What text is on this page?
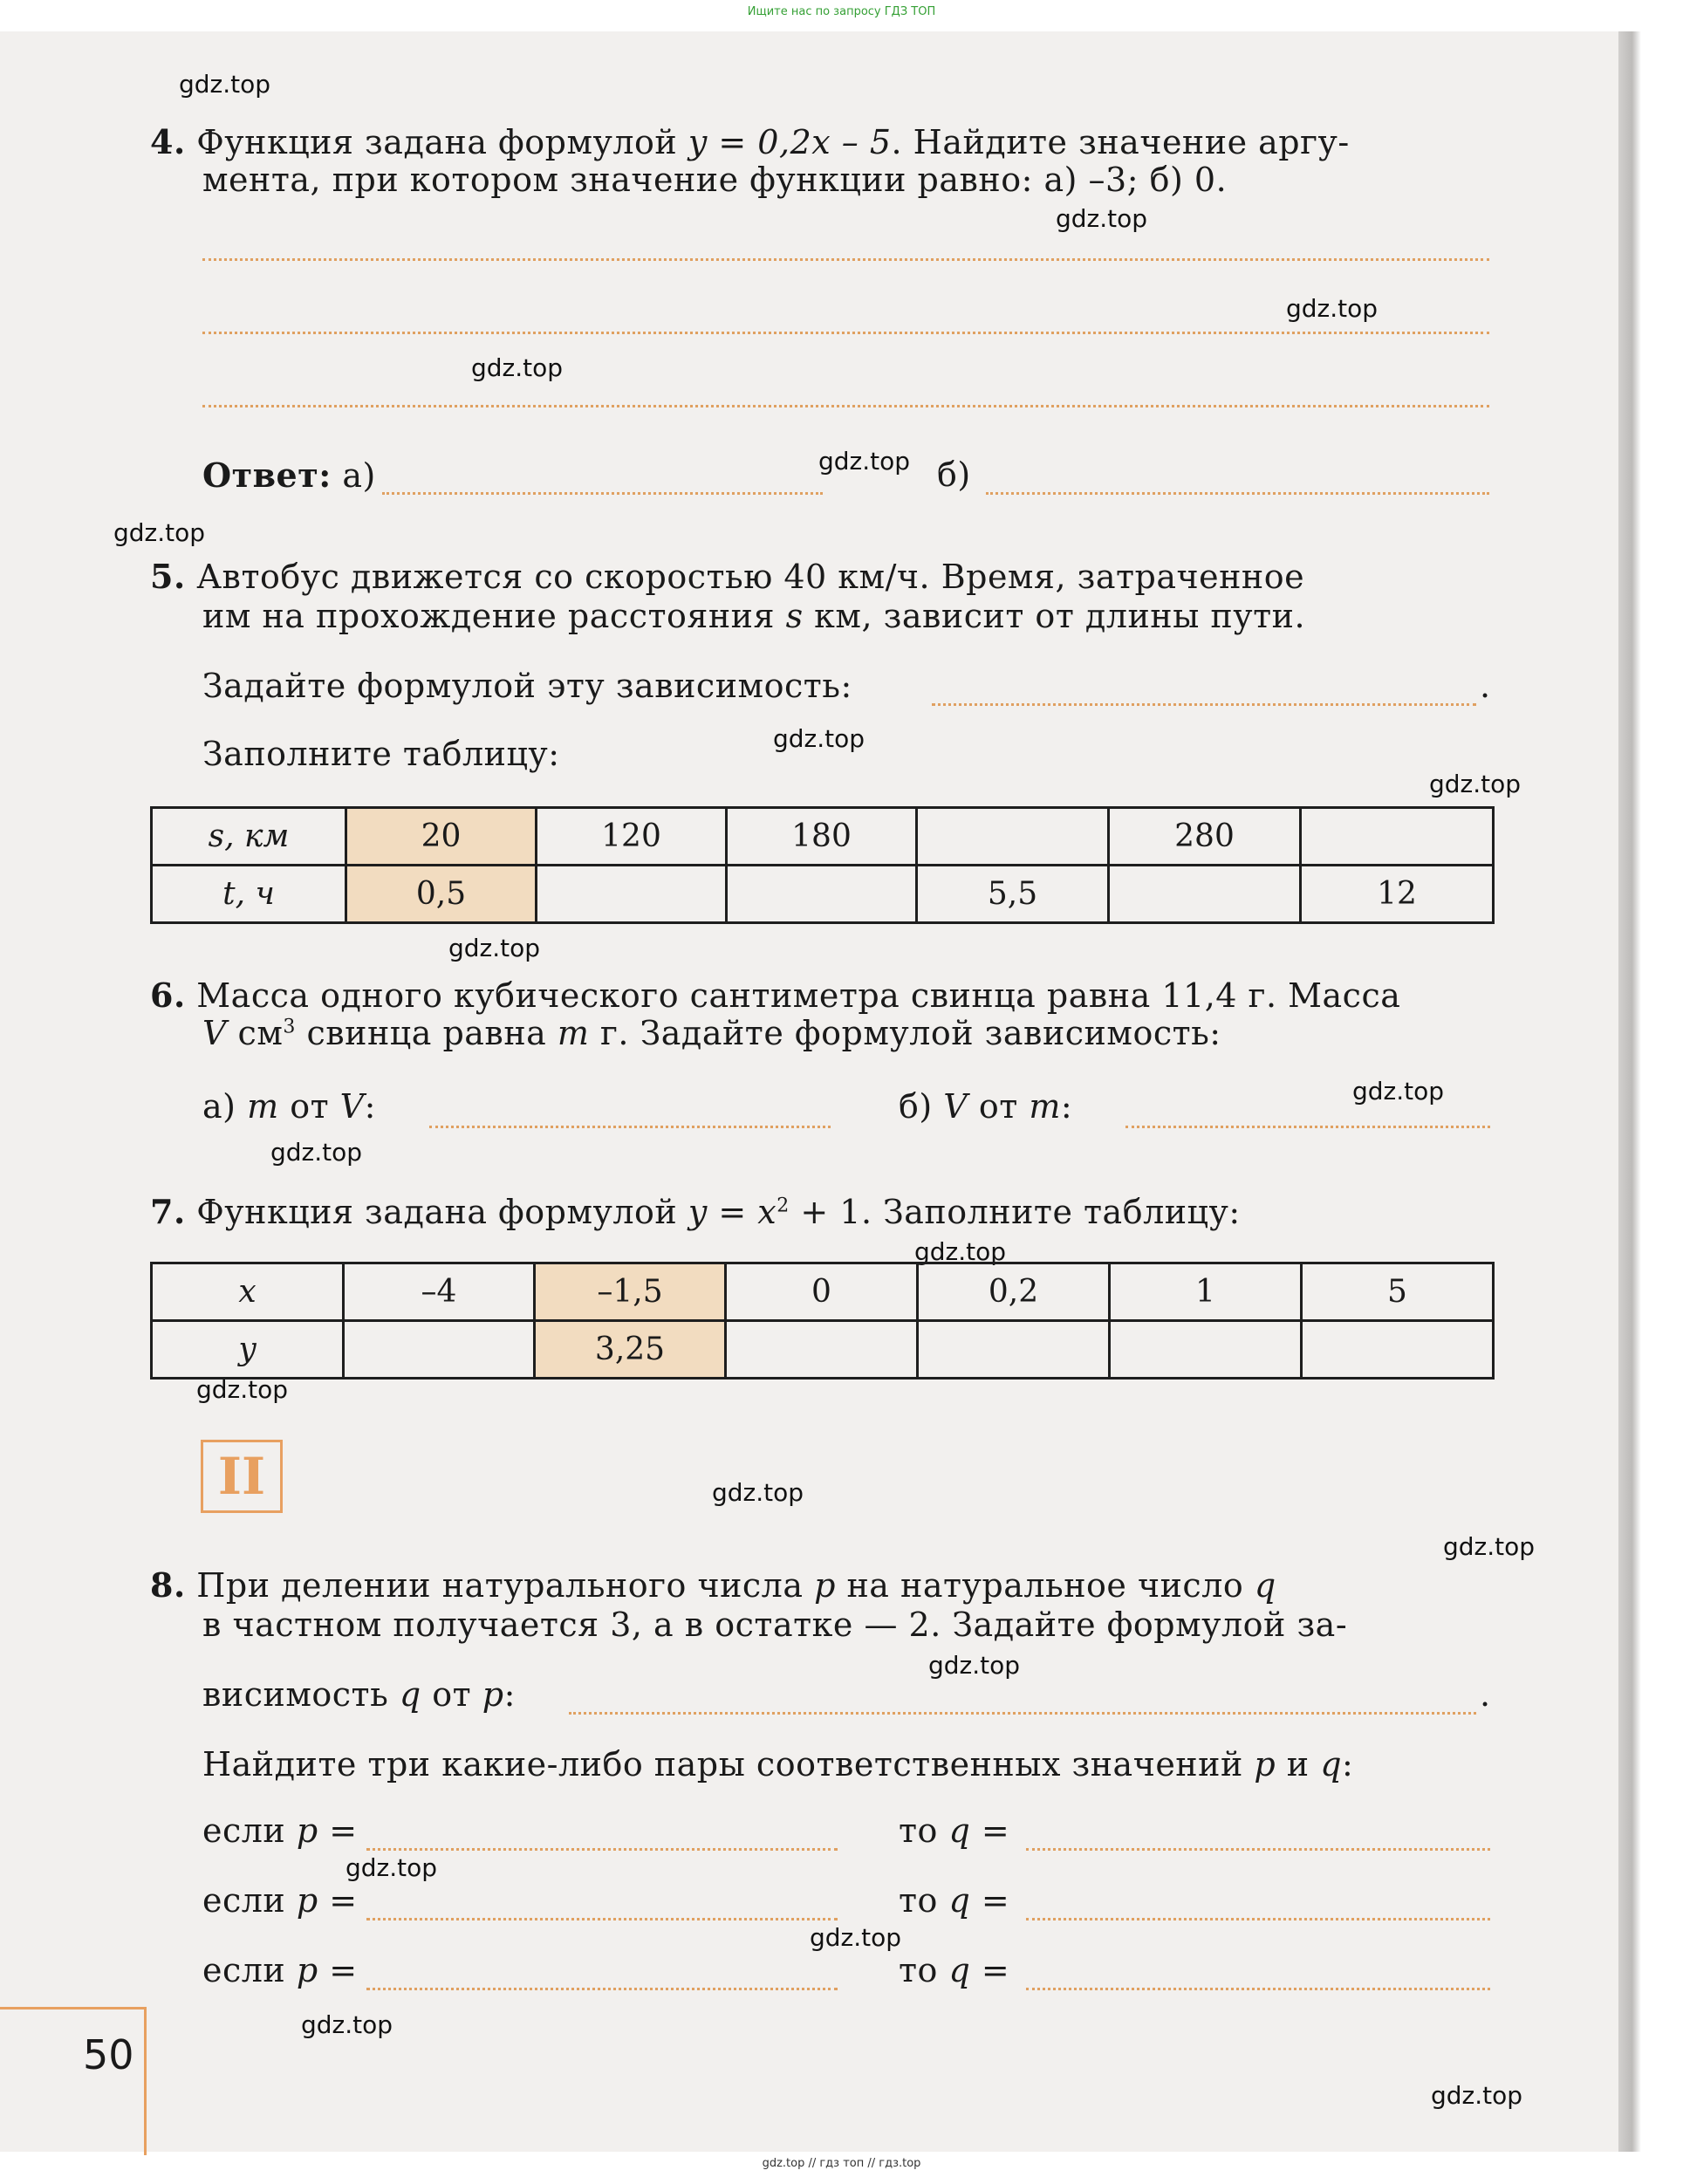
Ищите нас по запросу ГДЗ ТОП
gdz.top
gdz.top
gdz.top
gdz.top
gdz.top
gdz.top
gdz.top
gdz.top
gdz.top
gdz.top
gdz.top
gdz.top
gdz.top
gdz.top
gdz.top
gdz.top
gdz.top
gdz.top
gdz.top
gdz.top
4. Функция задана формулой y = 0,2x – 5. Найдите значение аргу-
мента, при котором значение функции равно: а) –3; б) 0.
Ответ: а)	б)
5. Автобус движется со скоростью 40 км/ч. Время, затраченное
им на прохождение расстояния s км, зависит от длины пути.
Задайте формулой эту зависимость:	.
Заполните таблицу:
s, км	20	120	180		280	
t, ч	0,5			5,5		12
6. Масса одного кубического сантиметра свинца равна 11,4 г. Масса
V $см^3$ свинца равна m г. Задайте формулой зависимость:
а) m от V:	б) V от m:
7. Функция задана формулой $y = x^2 + 1$. Заполните таблицу:
x	–4	–1,5	0	0,2	1	5
y		3,25				
II
8. При делении натурального числа p на натуральное число q
в частном получается 3, а в остатке — 2. Задайте формулой за-
висимость q от p:	.
Найдите три какие-либо пары соответственных значений p и q:
если p =	то q =
если p =	то q =
если p =	то q =
50
gdz.top // гдз топ // гдз.top
